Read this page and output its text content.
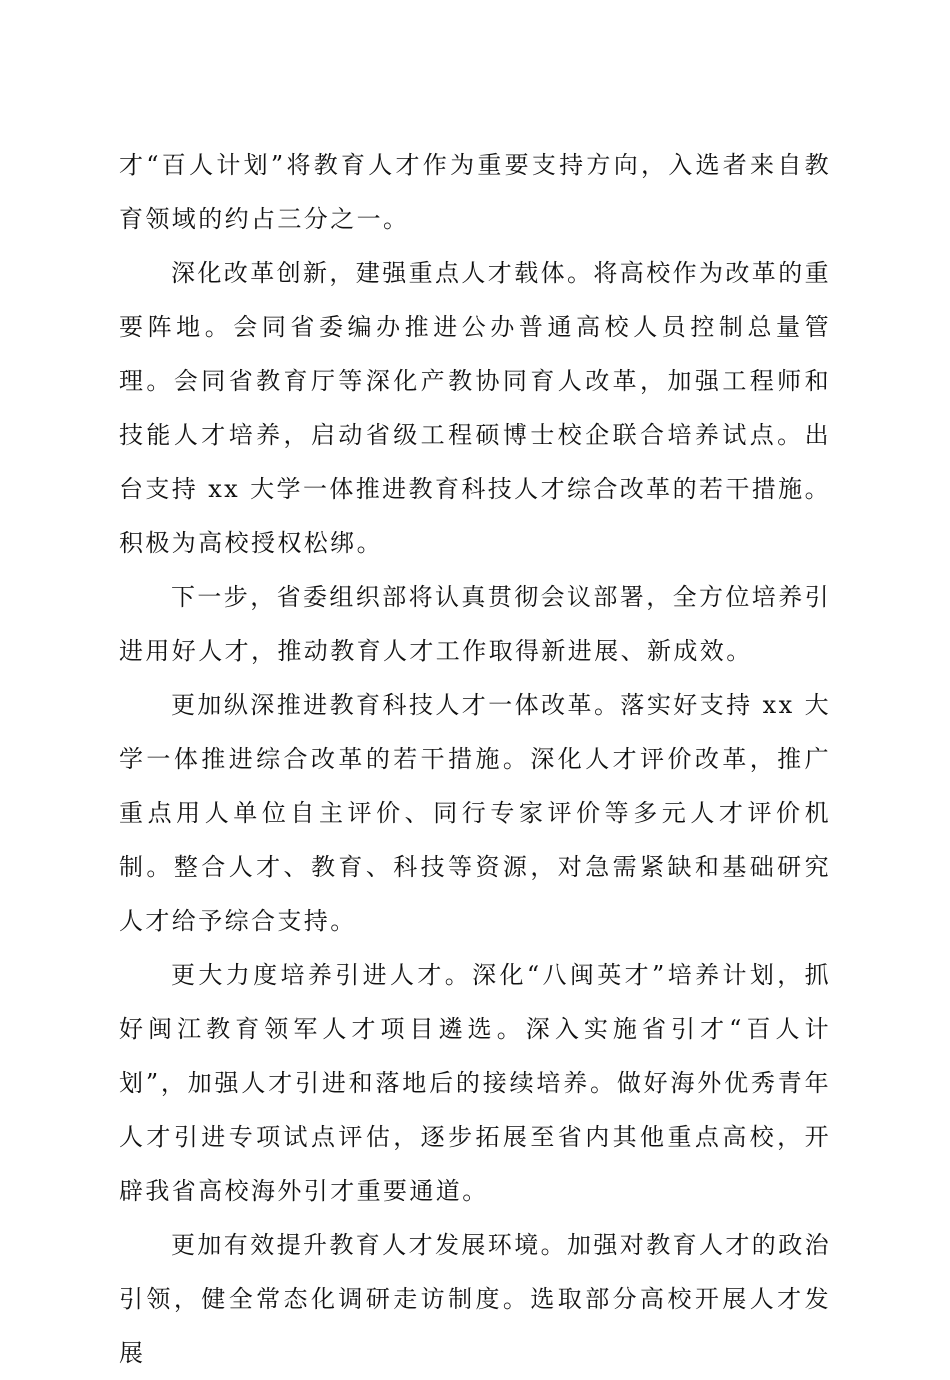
才“百人计划”将教育人才作为重要支持方向，入选者来自教育领域的约占三分之一。

深化改革创新，建强重点人才载体。将高校作为改革的重要阵地。会同省委编办推进公办普通高校人员控制总量管理。会同省教育厅等深化产教协同育人改革，加强工程师和技能人才培养，启动省级工程硕博士校企联合培养试点。出台支持 xx 大学一体推进教育科技人才综合改革的若干措施。积极为高校授权松绑。

下一步，省委组织部将认真贯彻会议部署，全方位培养引进用好人才，推动教育人才工作取得新进展、新成效。

更加纵深推进教育科技人才一体改革。落实好支持 xx 大学一体推进综合改革的若干措施。深化人才评价改革，推广重点用人单位自主评价、同行专家评价等多元人才评价机制。整合人才、教育、科技等资源，对急需紧缺和基础研究人才给予综合支持。

更大力度培养引进人才。深化“八闽英才”培养计划，抓好闽江教育领军人才项目遴选。深入实施省引才“百人计划”，加强人才引进和落地后的接续培养。做好海外优秀青年人才引进专项试点评估，逐步拓展至省内其他重点高校，开辟我省高校海外引才重要通道。

更加有效提升教育人才发展环境。加强对教育人才的政治引领，健全常态化调研走访制度。选取部分高校开展人才发展
